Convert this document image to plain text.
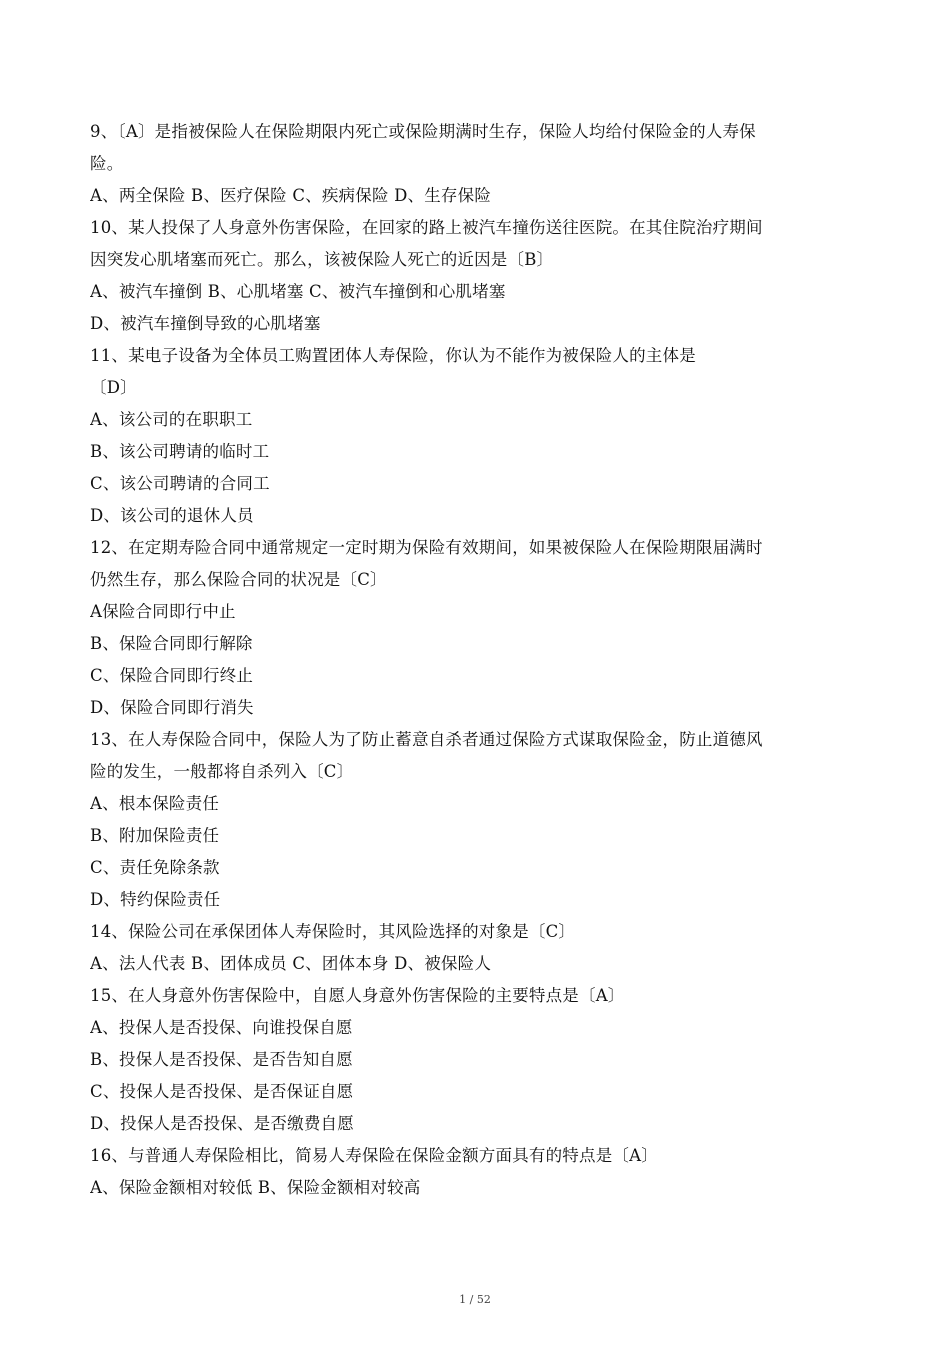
9、〔A〕是指被保险人在保险期限内死亡或保险期满时生存，保险人均给付保险金的人寿保
险。
A、两全保险 B、医疗保险 C、疾病保险 D、生存保险
10、某人投保了人身意外伤害保险，在回家的路上被汽车撞伤送往医院。在其住院治疗期间
因突发心肌堵塞而死亡。那么，该被保险人死亡的近因是〔B〕
A、被汽车撞倒 B、心肌堵塞 C、被汽车撞倒和心肌堵塞
D、被汽车撞倒导致的心肌堵塞
11、某电子设备为全体员工购置团体人寿保险，你认为不能作为被保险人的主体是
〔D〕
A、该公司的在职职工
B、该公司聘请的临时工
C、该公司聘请的合同工
D、该公司的退休人员
12、在定期寿险合同中通常规定一定时期为保险有效期间，如果被保险人在保险期限届满时
仍然生存，那么保险合同的状况是〔C〕
A保险合同即行中止
B、保险合同即行解除
C、保险合同即行终止
D、保险合同即行消失
13、在人寿保险合同中，保险人为了防止蓄意自杀者通过保险方式谋取保险金，防止道德风
险的发生，一般都将自杀列入〔C〕
A、根本保险责任
B、附加保险责任
C、责任免除条款
D、特约保险责任
14、保险公司在承保团体人寿保险时，其风险选择的对象是〔C〕
A、法人代表 B、团体成员 C、团体本身 D、被保险人
15、在人身意外伤害保险中，自愿人身意外伤害保险的主要特点是〔A〕
A、投保人是否投保、向谁投保自愿
B、投保人是否投保、是否告知自愿
C、投保人是否投保、是否保证自愿
D、投保人是否投保、是否缴费自愿
16、与普通人寿保险相比，简易人寿保险在保险金额方面具有的特点是〔A〕
A、保险金额相对较低 B、保险金额相对较高
1 / 52
